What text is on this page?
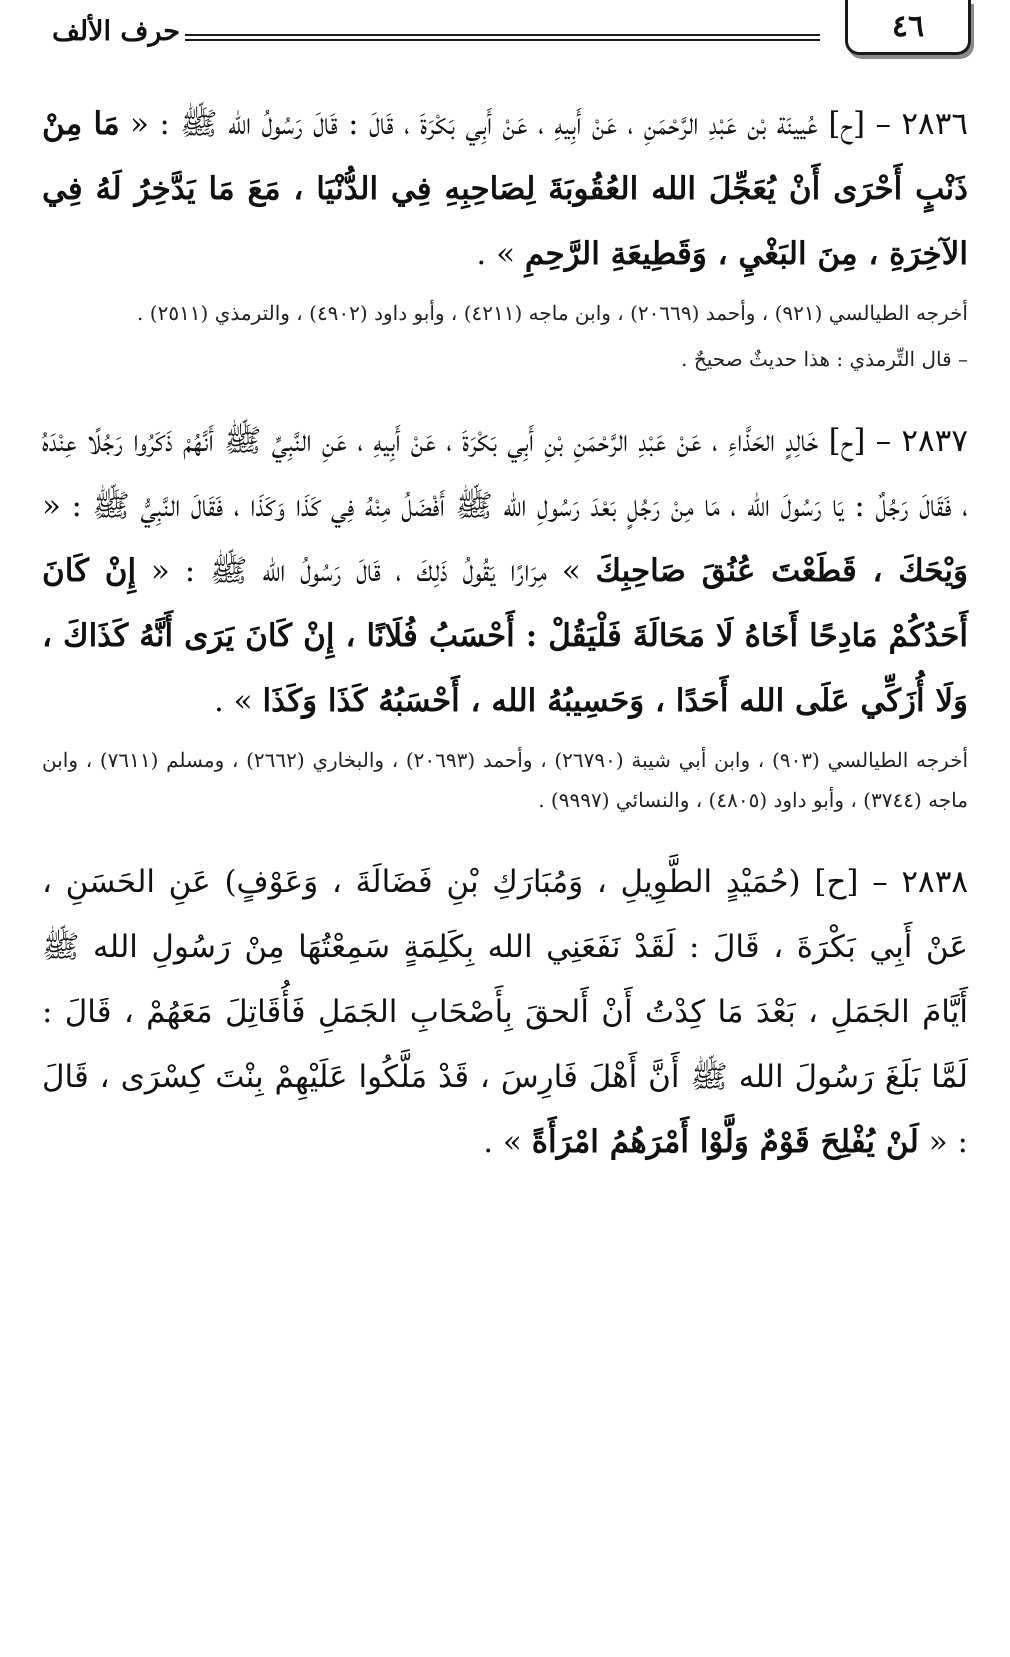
٤٦
حرف الألف

٢٨٣٦ – [ح] عُيينَة بْن عَبْدِ الرَّحْمَنِ ، عَنْ أَبِيهِ ، عَنْ أَبِي بَكْرَةَ ، قَالَ : قَالَ رَسُولُ الله ﷺ : « مَا مِنْ ذَنْبٍ أَحْرَى أَنْ يُعَجِّلَ الله العُقُوبَةَ لِصَاحِبِهِ فِي الدُّنْيَا ، مَعَ مَا يَدَّخِرُ لَهُ فِي الآخِرَةِ ، مِنَ البَغْيِ ، وَقَطِيعَةِ الرَّحِمِ » .

أخرجه الطيالسي (٩٢١) ، وأحمد (٢٠٦٦٩) ، وابن ماجه (٤٢١١) ، وأبو داود (٤٩٠٢) ، والترمذي (٢٥١١) .

– قال التِّرمذي : هذا حديثٌ صحيحٌ .

٢٨٣٧ – [ح] خَالِدٍ الحَذَّاءِ ، عَنْ عَبْدِ الرَّحْمَنِ بْنِ أَبِي بَكْرَةَ ، عَنْ أَبِيهِ ، عَنِ النَّبِيِّ ﷺ أَنَّهُمْ ذَكَرُوا رَجُلًا عِنْدَهُ ، فَقَالَ رَجُلٌ : يَا رَسُولَ الله ، مَا مِنْ رَجُلٍ بَعْدَ رَسُولِ الله ﷺ أَفْضَلُ مِنْهُ فِي كَذَا وَكَذَا ، فَقَالَ النَّبِيُّ ﷺ : « وَيْحَكَ ، قَطَعْتَ عُنُقَ صَاحِبِكَ » مِرَارًا يَقُولُ ذَلِكَ ، قَالَ رَسُولُ الله ﷺ : « إِنْ كَانَ أَحَدُكُمْ مَادِحًا أَخَاهُ لَا مَحَالَةَ فَلْيَقُلْ : أَحْسَبُ فُلَانًا ، إِنْ كَانَ يَرَى أَنَّهُ كَذَاكَ ، وَلَا أُزَكِّي عَلَى الله أَحَدًا ، وَحَسِيبُهُ الله ، أَحْسَبُهُ كَذَا وَكَذَا » .

أخرجه الطيالسي (٩٠٣) ، وابن أبي شيبة (٢٦٧٩٠) ، وأحمد (٢٠٦٩٣) ، والبخاري (٢٦٦٢) ، ومسلم (٧٦١١) ، وابن ماجه (٣٧٤٤) ، وأبو داود (٤٨٠٥) ، والنسائي (٩٩٩٧) .

٢٨٣٨ – [ح] (حُمَيْدٍ الطَّوِيلِ ، وَمُبَارَكِ بْنِ فَضَالَةَ ، وَعَوْفٍ) عَنِ الحَسَنِ ، عَنْ أَبِي بَكْرَةَ ، قَالَ : لَقَدْ نَفَعَنِي الله بِكَلِمَةٍ سَمِعْتُهَا مِنْ رَسُولِ الله ﷺ أَيَّامَ الجَمَلِ ، بَعْدَ مَا كِدْتُ أَنْ أَلحقَ بِأَصْحَابِ الجَمَلِ فَأُقَاتِلَ مَعَهُمْ ، قَالَ : لَمَّا بَلَغَ رَسُولَ الله ﷺ أَنَّ أَهْلَ فَارِسَ ، قَدْ مَلَّكُوا عَلَيْهِمْ بِنْتَ كِسْرَى ، قَالَ : « لَنْ يُفْلِحَ قَوْمٌ وَلَّوْا أَمْرَهُمُ امْرَأَةً » .
